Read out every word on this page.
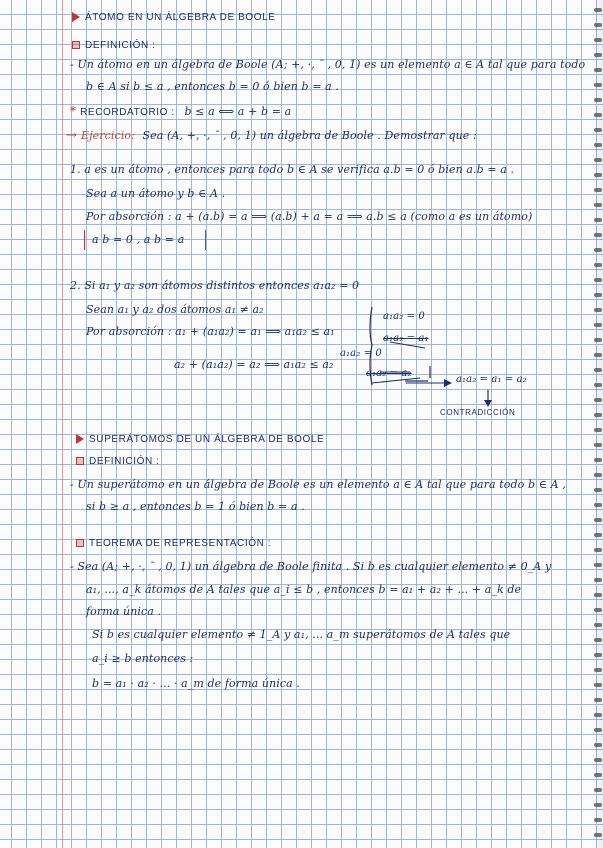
ÁTOMO EN UN ÁLGEBRA DE BOOLE
DEFINICIÓN :
- Un átomo en un álgebra de Boole (A; +, ·, ¯ , 0, 1) es un elemento a ∈ A tal que para todo
b ∈ A si b ≤ a , entonces b = 0 ó bien b = a .
* RECORDATORIO : b ≤ a ⟺ a + b = a
→ Ejercicio: Sea (A, +, ·, ¯ , 0, 1) un álgebra de Boole . Demostrar que :
1. a es un átomo , entonces para todo b ∈ A se verifica a.b = 0 ó bien a.b = a .
Sea a un átomo y b ∈ A .
Por absorción : a + (a.b) = a ⟹ (a.b) + a = a ⟹ a.b ≤ a (como a es un átomo)
a b = 0 , a b = a
2. Si a₁ y a₂ son átomos distintos entonces a₁a₂ = 0
Sean a₁ y a₂ dos átomos a₁ ≠ a₂
Por absorción : a₁ + (a₁a₂) = a₁ ⟹ a₁a₂ ≤ a₁
a₂ + (a₁a₂) = a₂ ⟹ a₁a₂ ≤ a₂
a₁a₂ = 0
a₁a₂ = a₁
a₁a₂ = 0
a₁a₂ = a₂
a₁a₂ = a₁ = a₂
CONTRADICCIÓN
SUPERÁTOMOS DE UN ÁLGEBRA DE BOOLE
DEFINICIÓN :
- Un superátomo en un álgebra de Boole es un elemento a ∈ A tal que para todo b ∈ A ,
si b ≥ a , entonces b = 1 ó bien b = a .
TEOREMA DE REPRESENTACIÓN :
- Sea (A; +, ·, ¯ , 0, 1) un álgebra de Boole finita . Si b es cualquier elemento ≠ 0_A y
a₁, ..., a_k átomos de A tales que a_i ≤ b , entonces b = a₁ + a₂ + ... + a_k de
forma única .
Si b es cualquier elemento ≠ 1_A y a₁, ... a_m superátomos de A tales que
a_i ≥ b entonces :
b = a₁ · a₂ · ... · a_m de forma única .
